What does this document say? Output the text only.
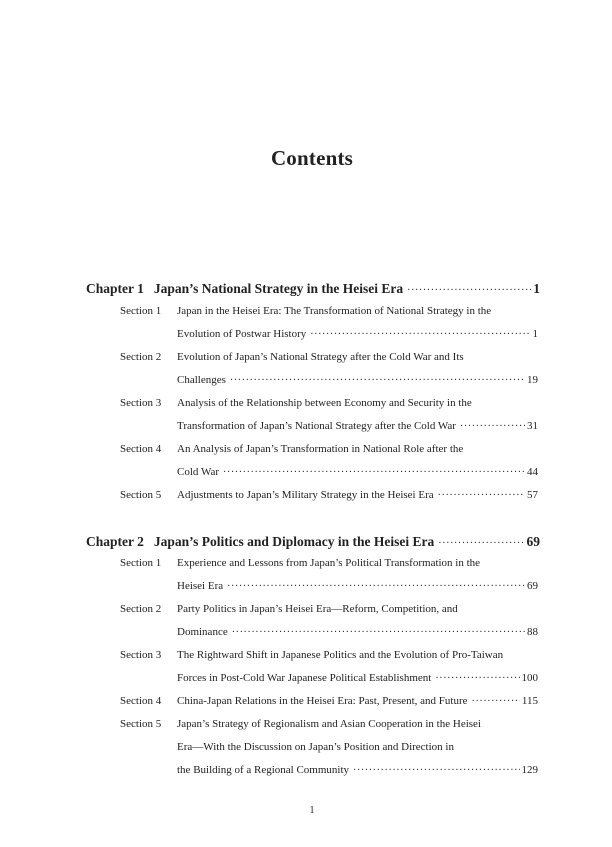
Contents
Chapter 1 Japan’s National Strategy in the Heisei Era ·····	1
Section 1 Japan in the Heisei Era: The Transformation of National Strategy in the
Evolution of Postwar History ·····	1
Section 2 Evolution of Japan’s National Strategy after the Cold War and Its
Challenges ·····	19
Section 3 Analysis of the Relationship between Economy and Security in the
Transformation of Japan’s National Strategy after the Cold War ·····	31
Section 4 An Analysis of Japan’s Transformation in National Role after the
Cold War ·····	44
Section 5 Adjustments to Japan’s Military Strategy in the Heisei Era ·····	57
Chapter 2 Japan’s Politics and Diplomacy in the Heisei Era ·····	69
Section 1 Experience and Lessons from Japan’s Political Transformation in the
Heisei Era ·····	69
Section 2 Party Politics in Japan’s Heisei Era—Reform, Competition, and
Dominance ·····	88
Section 3 The Rightward Shift in Japanese Politics and the Evolution of Pro-Taiwan
Forces in Post-Cold War Japanese Political Establishment ·····	100
Section 4 China-Japan Relations in the Heisei Era: Past, Present, and Future ·····	115
Section 5 Japan’s Strategy of Regionalism and Asian Cooperation in the Heisei
Era—With the Discussion on Japan’s Position and Direction in
the Building of a Regional Community ·····	129
1
